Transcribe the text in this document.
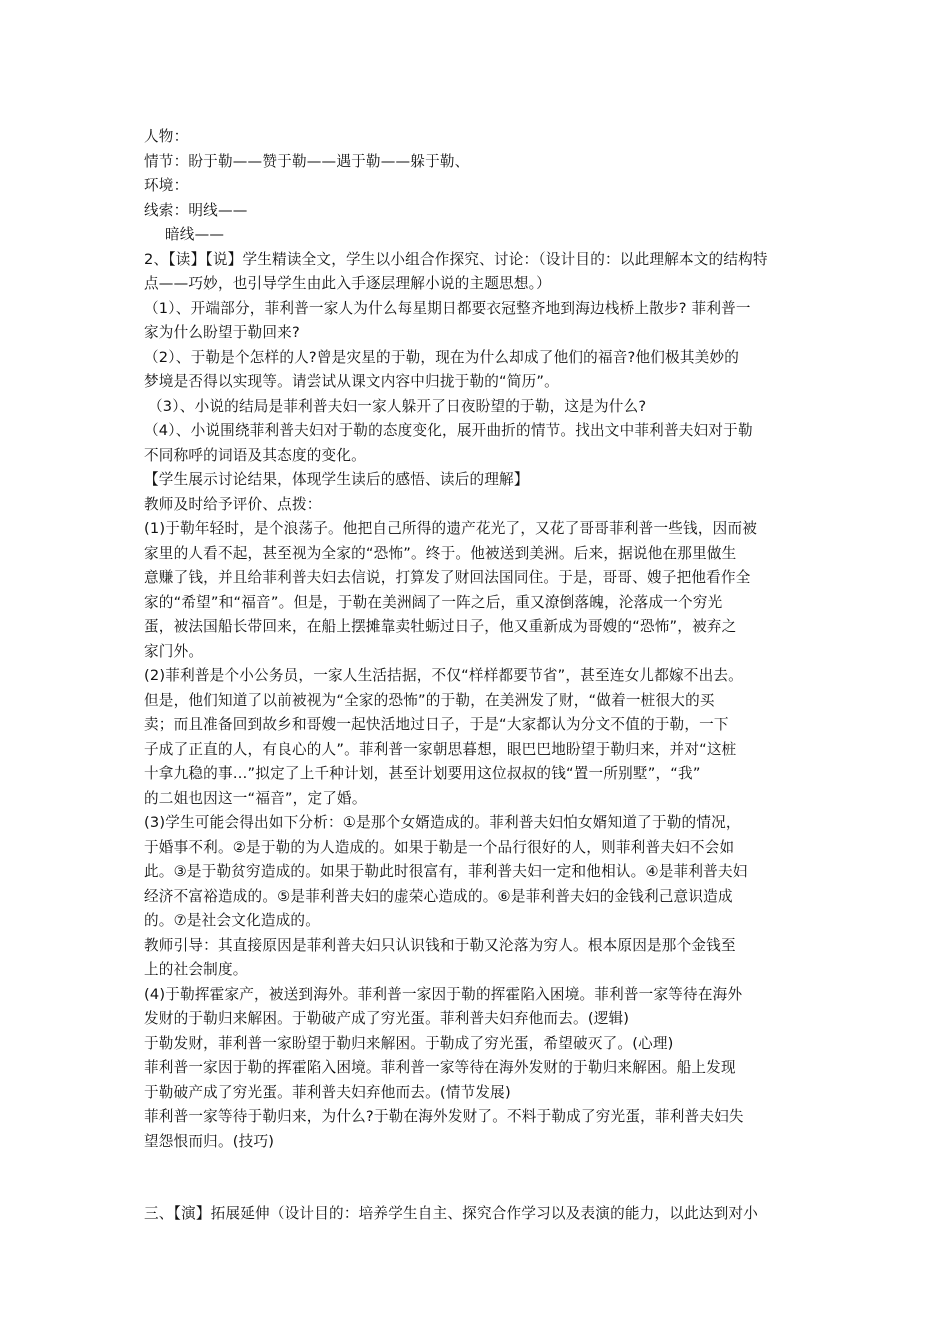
人物：
情节：盼于勒——赞于勒——遇于勒——躲于勒、
环境：
线索：明线——
暗线——
2、【读】【说】学生精读全文，学生以小组合作探究、讨论：（设计目的：以此理解本文的结构特
点——巧妙，也引导学生由此入手逐层理解小说的主题思想。）
（1）、开端部分，菲利普一家人为什么每星期日都要衣冠整齐地到海边栈桥上散步? 菲利普一
家为什么盼望于勒回来?
（2）、于勒是个怎样的人?曾是灾星的于勒，现在为什么却成了他们的福音?他们极其美妙的
梦境是否得以实现等。请尝试从课文内容中归拢于勒的“简历”。
（3）、小说的结局是菲利普夫妇一家人躲开了日夜盼望的于勒，这是为什么?
（4）、小说围绕菲利普夫妇对于勒的态度变化，展开曲折的情节。找出文中菲利普夫妇对于勒
不同称呼的词语及其态度的变化。
【学生展示讨论结果，体现学生读后的感悟、读后的理解】
教师及时给予评价、点拨：
(1)于勒年轻时，是个浪荡子。他把自己所得的遗产花光了，又花了哥哥菲利普一些钱，因而被
家里的人看不起，甚至视为全家的“恐怖”。终于。他被送到美洲。后来，据说他在那里做生
意赚了钱，并且给菲利普夫妇去信说，打算发了财回法国同住。于是，哥哥、嫂子把他看作全
家的“希望”和“福音”。但是，于勒在美洲阔了一阵之后，重又潦倒落魄，沦落成一个穷光
蛋，被法国船长带回来，在船上摆摊靠卖牡蛎过日子，他又重新成为哥嫂的“恐怖”，被弃之
家门外。
(2)菲利普是个小公务员，一家人生活拮据，不仅“样样都要节省”，甚至连女儿都嫁不出去。
但是，他们知道了以前被视为“全家的恐怖”的于勒，在美洲发了财，“做着一桩很大的买
卖；而且准备回到故乡和哥嫂一起快活地过日子，于是“大家都认为分文不值的于勒，一下
子成了正直的人，有良心的人”。菲利普一家朝思暮想，眼巴巴地盼望于勒归来，并对“这桩
十拿九稳的事…”拟定了上千种计划，甚至计划要用这位叔叔的钱“置一所别墅”，“我”
的二姐也因这一“福音”，定了婚。
(3)学生可能会得出如下分析：①是那个女婿造成的。菲利普夫妇怕女婿知道了于勒的情况，
于婚事不利。②是于勒的为人造成的。如果于勒是一个品行很好的人，则菲利普夫妇不会如
此。③是于勒贫穷造成的。如果于勒此时很富有，菲利普夫妇一定和他相认。④是菲利普夫妇
经济不富裕造成的。⑤是菲利普夫妇的虚荣心造成的。⑥是菲利普夫妇的金钱利己意识造成
的。⑦是社会文化造成的。
教师引导：其直接原因是菲利普夫妇只认识钱和于勒又沦落为穷人。根本原因是那个金钱至
上的社会制度。
(4)于勒挥霍家产，被送到海外。菲利普一家因于勒的挥霍陷入困境。菲利普一家等待在海外
发财的于勒归来解困。于勒破产成了穷光蛋。菲利普夫妇弃他而去。(逻辑)
于勒发财，菲利普一家盼望于勒归来解困。于勒成了穷光蛋，希望破灭了。(心理)
菲利普一家因于勒的挥霍陷入困境。菲利普一家等待在海外发财的于勒归来解困。船上发现
于勒破产成了穷光蛋。菲利普夫妇弃他而去。(情节发展)
菲利普一家等待于勒归来，为什么?于勒在海外发财了。不料于勒成了穷光蛋，菲利普夫妇失
望怨恨而归。(技巧)
三、【演】拓展延伸（设计目的：培养学生自主、探究合作学习以及表演的能力，以此达到对小
